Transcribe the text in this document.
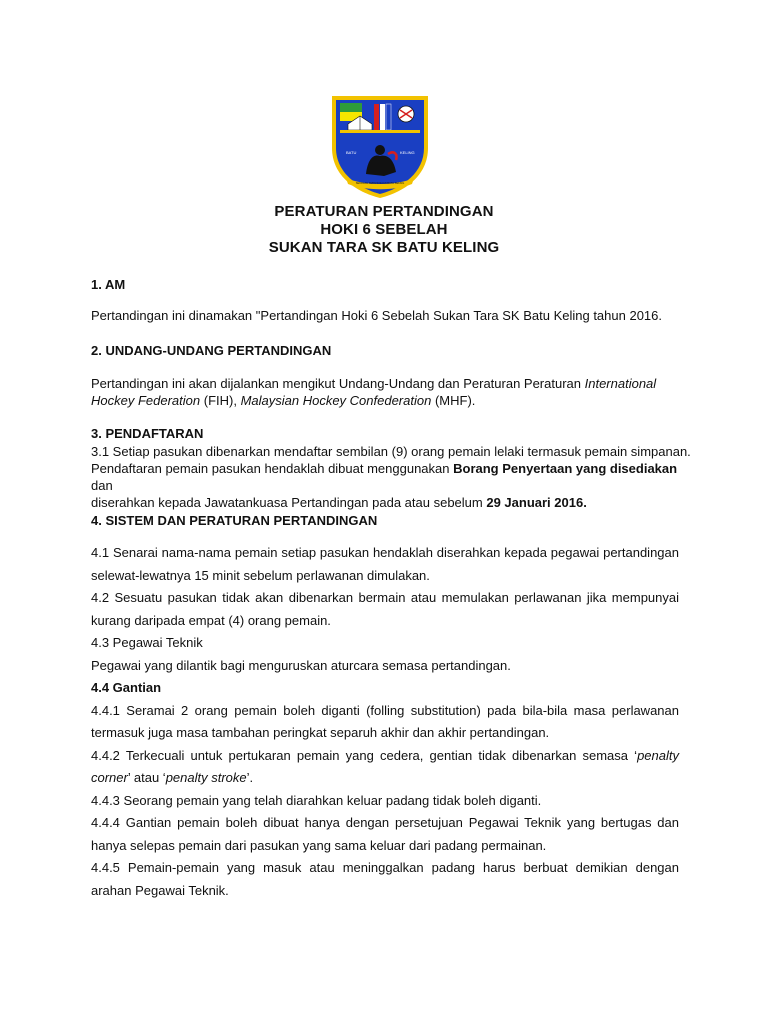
BATU	KELING
SEKOLAH KEBANGSAAN BATU KELING
PERATURAN PERTANDINGAN
HOKI 6 SEBELAH
SUKAN TARA SK BATU KELING
1. AM
Pertandingan ini dinamakan "Pertandingan Hoki 6 Sebelah Sukan Tara SK Batu Keling tahun 2016.
2. UNDANG-UNDANG PERTANDINGAN
Pertandingan ini akan dijalankan mengikut Undang-Undang dan Peraturan Peraturan International Hockey Federation (FIH), Malaysian Hockey Confederation (MHF).
3. PENDAFTARAN
3.1 Setiap pasukan dibenarkan mendaftar sembilan (9) orang pemain lelaki termasuk pemain simpanan.
Pendaftaran pemain pasukan hendaklah dibuat menggunakan Borang Penyertaan yang disediakan dan
diserahkan kepada Jawatankuasa Pertandingan pada atau sebelum 29 Januari 2016.
4. SISTEM DAN PERATURAN PERTANDINGAN
4.1 Senarai nama-nama pemain setiap pasukan hendaklah diserahkan kepada pegawai pertandingan selewat-lewatnya 15 minit sebelum perlawanan dimulakan.
4.2 Sesuatu pasukan tidak akan dibenarkan bermain atau memulakan perlawanan jika mempunyai kurang daripada empat (4) orang pemain.
4.3 Pegawai Teknik
Pegawai yang dilantik bagi menguruskan aturcara semasa pertandingan.
4.4 Gantian
4.4.1 Seramai 2 orang pemain boleh diganti (folling substitution) pada bila-bila masa perlawanan termasuk juga masa tambahan peringkat separuh akhir dan akhir pertandingan.
4.4.2 Terkecuali untuk pertukaran pemain yang cedera, gentian tidak dibenarkan semasa ‘penalty corner’ atau ‘penalty stroke’.
4.4.3 Seorang pemain yang telah diarahkan keluar padang tidak boleh diganti.
4.4.4 Gantian pemain boleh dibuat hanya dengan persetujuan Pegawai Teknik yang bertugas dan hanya selepas pemain dari pasukan yang sama keluar dari padang permainan.
4.4.5 Pemain-pemain yang masuk atau meninggalkan padang harus berbuat demikian dengan arahan Pegawai Teknik.
